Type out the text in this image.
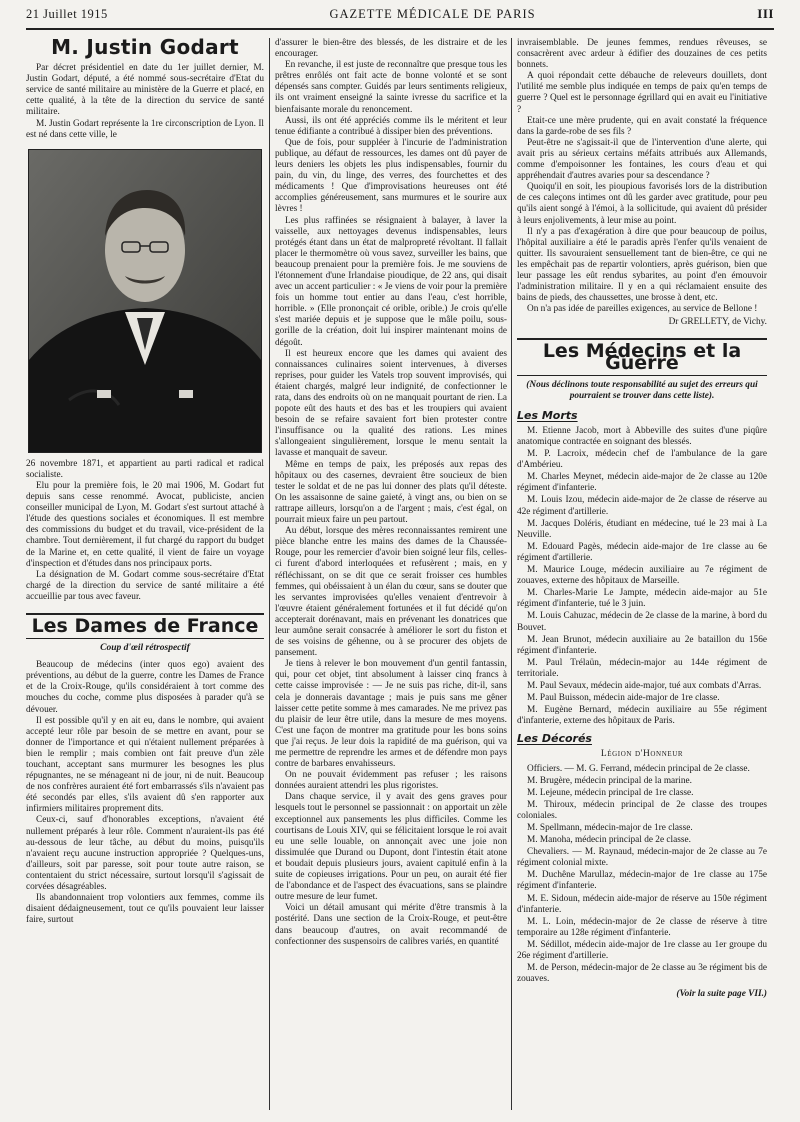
21 Juillet 1915	GAZETTE MÉDICALE DE PARIS	III
M. Justin Godart

Par décret présidentiel en date du 1er juillet dernier, M. Justin Godart, député, a été nommé sous-secrétaire d'Etat du service de santé militaire au ministère de la Guerre et placé, en cette qualité, à la tête de la direction du service de santé militaire.

M. Justin Godart représente la 1re circonscription de Lyon. Il est né dans cette ville, le

26 novembre 1871, et appartient au parti radical et radical socialiste.

Elu pour la première fois, le 20 mai 1906, M. Godart fut depuis sans cesse renommé. Avocat, publiciste, ancien conseiller municipal de Lyon, M. Godart s'est surtout attaché à l'étude des questions sociales et économiques. Il est membre des commissions du budget et du travail, vice-président de la chambre. Tout dernièrement, il fut chargé du rapport du budget de la Marine et, en cette qualité, il vient de faire un voyage d'inspection et d'études dans nos principaux ports.

La désignation de M. Godart comme sous-secrétaire d'Etat chargé de la direction du service de santé militaire a été accueillie par tous avec faveur.

Les Dames de France
Coup d'œil rétrospectif

Beaucoup de médecins (inter quos ego) avaient des préventions, au début de la guerre, contre les Dames de France et de la Croix-Rouge, qu'ils considéraient à tort comme des mouches du coche, comme plus disposées à parader qu'à se dévouer.

Il est possible qu'il y en ait eu, dans le nombre, qui avaient accepté leur rôle par besoin de se mettre en avant, pour se donner de l'importance et qui n'étaient nullement préparées à bien le remplir ; mais combien ont fait preuve d'un zèle touchant, acceptant sans murmurer les besognes les plus répugnantes, ne se ménageant ni de jour, ni de nuit. Beaucoup de nos confrères auraient été fort embarrassés s'ils n'avaient pas été secondés par elles, s'ils avaient dû s'en rapporter aux infirmiers militaires proprement dits.

Ceux-ci, sauf d'honorables exceptions, n'avaient été nullement préparés à leur rôle. Comment n'auraient-ils pas été au-dessous de leur tâche, au début du moins, puisqu'ils n'avaient reçu aucune instruction appropriée ? Quelques-uns, d'ailleurs, soit par paresse, soit pour toute autre raison, se contentaient du strict nécessaire, surtout lorsqu'il s'agissait de corvées désagréables.

Ils abandonnaient trop volontiers aux femmes, comme ils disaient dédaigneusement, tout ce qu'ils pouvaient leur laisser faire, surtout

d'assurer le bien-être des blessés, de les distraire et de les encourager.

En revanche, il est juste de reconnaître que presque tous les prêtres enrôlés ont fait acte de bonne volonté et se sont dépensés sans compter. Guidés par leurs sentiments religieux, ils ont vraiment enseigné la sainte ivresse du sacrifice et la bienfaisante morale du renoncement.

Aussi, ils ont été appréciés comme ils le méritent et leur tenue édifiante a contribué à dissiper bien des préventions.

Que de fois, pour suppléer à l'incurie de l'administration publique, au défaut de ressources, les dames ont dû payer de leurs deniers les objets les plus indispensables, fournir du pain, du vin, du linge, des verres, des fourchettes et des médicaments ! Que d'improvisations heureuses ont été accomplies généreusement, sans murmures et le sourire aux lèvres !

Les plus raffinées se résignaient à balayer, à laver la vaisselle, aux nettoyages devenus indispensables, leurs protégés étant dans un état de malpropreté révoltant. Il fallait placer le thermomètre où vous savez, surveiller les bains, que beaucoup prenaient pour la première fois. Je me souviens de l'étonnement d'une Irlandaise pioudique, de 22 ans, qui disait avec un accent particulier : « Je viens de voir pour la première fois un homme tout entier au dans l'eau, c'est horrible, horrible. » (Elle prononçait cé orible, orible.) Je crois qu'elle s'est mariée depuis et je suppose que le mâle poilu, sous-gorille de la création, doit lui inspirer maintenant moins de dégoût.

Il est heureux encore que les dames qui avaient des connaissances culinaires soient intervenues, à diverses reprises, pour guider les Vatels trop souvent improvisés, qui étaient chargés, malgré leur indignité, de confectionner le rata, dans des endroits où on ne manquait pourtant de rien. La popote eût des hauts et des bas et les troupiers qui avaient besoin de se refaire savaient fort bien protester contre l'insuffisance ou la qualité des rations. Les mines s'allongeaient singulièrement, lorsque le menu sentait la lavasse et manquait de saveur.

Même en temps de paix, les préposés aux repas des hôpitaux ou des casernes, devraient être soucieux de bien tester le soldat et de ne pas lui donner des plats qu'il déteste. On les assaisonne de saine gaieté, à vingt ans, ou bien on se rattrape ailleurs, lorsqu'on a de l'argent ; mais, c'est égal, on pourrait mieux faire un peu partout.

Au début, lorsque des mères reconnaissantes remirent une pièce blanche entre les mains des dames de la Chaussée-Rouge, pour les remercier d'avoir bien soigné leur fils, celles-ci furent d'abord interloquées et refusèrent ; mais, en y réfléchissant, on se dit que ce serait froisser ces humbles femmes, qui obéissaient à un élan du cœur, sans se douter que les servantes improvisées qu'elles venaient d'entrevoir à l'œuvre étaient généralement fortunées et il fut décidé qu'on accepterait dorénavant, mais en prévenant les donatrices que leur aumône serait consacrée à améliorer le sort du fiston et de ses voisins de géhenne, ou à se procurer des objets de pansement.

Je tiens à relever le bon mouvement d'un gentil fantassin, qui, pour cet objet, tint absolument à laisser cinq francs à cette caisse improvisée : — Je ne suis pas riche, dit-il, sans cela je donnerais davantage ; mais je puis sans me gêner laisser cette petite somme à mes camarades. Ne me privez pas du plaisir de leur être utile, dans la mesure de mes moyens. C'est une façon de montrer ma gratitude pour les bons soins que j'ai reçus. Je leur dois la rapidité de ma guérison, qui va me permettre de reprendre les armes et de défendre mon pays contre de barbares envahisseurs.

On ne pouvait évidemment pas refuser ; les raisons données auraient attendri les plus rigoristes.

Dans chaque service, il y avait des gens graves pour lesquels tout le personnel se passionnait : on apportait un zèle exceptionnel aux pansements les plus difficiles. Comme les courtisans de Louis XIV, qui se félicitaient lorsque le roi avait eu une selle louable, on annonçait avec une joie non dissimulée que Durand ou Dupont, dont l'intestin était atone et boudait depuis plusieurs jours, avaient capitulé enfin à la suite de copieuses irrigations. Pour un peu, on aurait été fier de l'abondance et de l'aspect des évacuations, sans se plaindre outre mesure de leur fumet.

Voici un détail amusant qui mérite d'être transmis à la postérité. Dans une section de la Croix-Rouge, et peut-être dans beaucoup d'autres, on avait recommandé de confectionner des suspensoirs de calibres variés, en quantité

invraisemblable. De jeunes femmes, rendues rêveuses, se consacrèrent avec ardeur à édifier des douzaines de ces petits bonnets.

A quoi répondait cette débauche de releveurs douillets, dont l'utilité me semble plus indiquée en temps de paix qu'en temps de guerre ? Quel est le personnage égrillard qui en avait eu l'initiative ?

Etait-ce une mère prudente, qui en avait constaté la fréquence dans la garde-robe de ses fils ?

Peut-être ne s'agissait-il que de l'intervention d'une alerte, qui avait pris au sérieux certains méfaits attribués aux Allemands, comme d'empoisonner les fontaines, les cours d'eau et qui appréhendait d'autres avaries pour sa descendance ?

Quoiqu'il en soit, les pioupious favorisés lors de la distribution de ces caleçons intimes ont dû les garder avec gratitude, pour peu qu'ils aient songé à l'émoi, à la sollicitude, qui avaient dû présider à leurs enjolivements, à leur mise au point.

Il n'y a pas d'exagération à dire que pour beaucoup de poilus, l'hôpital auxiliaire a été le paradis après l'enfer qu'ils venaient de quitter. Ils savouraient sensuellement tant de bien-être, ce qui ne les empêchait pas de repartir volontiers, après guérison, bien que leur passage les eût rendus sybarites, au point d'en émouvoir l'administration militaire. Il y en a qui réclamaient ensuite des bains de pieds, des chaussettes, une brosse à dent, etc.

On n'a pas idée de pareilles exigences, au service de Bellone !

Dr GRELLETY, de Vichy.
Les Médecins et la Guerre
(Nous déclinons toute responsabilité au sujet des erreurs qui pourraient se trouver dans cette liste).
Les Morts

M. Etienne Jacob, mort à Abbeville des suites d'une piqûre anatomique contractée en soignant des blessés.

M. P. Lacroix, médecin chef de l'ambulance de la gare d'Ambérieu.

M. Charles Meynet, médecin aide-major de 2e classe au 120e régiment d'infanterie.

M. Louis Izou, médecin aide-major de 2e classe de réserve au 42e régiment d'artillerie.

M. Jacques Doléris, étudiant en médecine, tué le 23 mai à La Neuville.

M. Edouard Pagès, médecin aide-major de 1re classe au 6e régiment d'artillerie.

M. Maurice Louge, médecin auxiliaire au 7e régiment de zouaves, externe des hôpitaux de Marseille.

M. Charles-Marie Le Jampte, médecin aide-major au 51e régiment d'infanterie, tué le 3 juin.

M. Louis Cahuzac, médecin de 2e classe de la marine, à bord du Bouvet.

M. Jean Brunot, médecin auxiliaire au 2e bataillon du 156e régiment d'infanterie.

M. Paul Trélaün, médecin-major au 144e régiment de territoriale.

M. Paul Sevaux, médecin aide-major, tué aux combats d'Arras.

M. Paul Buisson, médecin aide-major de 1re classe.

M. Eugène Bernard, médecin auxiliaire au 55e régiment d'infanterie, externe des hôpitaux de Paris.

Les Décorés
Légion d'Honneur

Officiers. — M. G. Ferrand, médecin principal de 2e classe.

M. Brugère, médecin principal de la marine.

M. Lejeune, médecin principal de 1re classe.

M. Thiroux, médecin principal de 2e classe des troupes coloniales.

M. Spellmann, médecin-major de 1re classe.

M. Manoha, médecin principal de 2e classe.

Chevaliers. — M. Raynaud, médecin-major de 2e classe au 7e régiment colonial mixte.

M. Duchêne Marullaz, médecin-major de 1re classe au 175e régiment d'infanterie.

M. E. Sidoun, médecin aide-major de réserve au 150e régiment d'infanterie.

M. L. Loin, médecin-major de 2e classe de réserve à titre temporaire au 128e régiment d'infanterie.

M. Sédillot, médecin aide-major de 1re classe au 1er groupe du 26e régiment d'artillerie.

M. de Person, médecin-major de 2e classe au 3e régiment bis de zouaves.

(Voir la suite page VII.)
